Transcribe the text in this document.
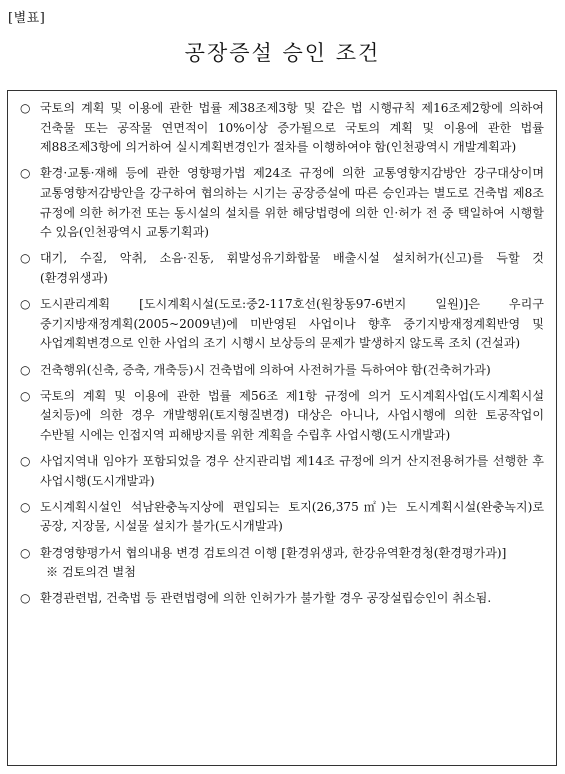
[별표]
공장증설 승인 조건
○ 국토의 계획 및 이용에 관한 법률 제38조제3항 및 같은 법 시행규칙 제16조제2항에 의하여 건축물 또는 공작물 연면적이 10%이상 증가될으로 국토의 계획 및 이용에 관한 법률 제88조제3항에 의거하여 실시계획변경인가 절차를 이행하여야 함(인천광역시 개발계획과)
○ 환경·교통·재해 등에 관한 영향평가법 제24조 규정에 의한 교통영향지감방안 강구대상이며 교통영향저감방안을 강구하여 협의하는 시기는 공장증설에 따른 승인과는 별도로 건축법 제8조 규정에 의한 허가전 또는 동시설의 설치를 위한 해당법령에 의한 인·허가 전 중 택일하여 시행할 수 있음(인천광역시 교통기획과)
○ 대기, 수질, 악취, 소음·진동, 휘발성유기화합물 배출시설 설치허가(신고)를 득할 것 (환경위생과)
○ 도시관리계획 [도시계획시설(도로:중2-117호선(원창동97-6번지 일원)]은 우리구 중기지방재정계획(2005~2009년)에 미반영된 사업이나 향후 중기지방재정계획반영 및 사업계획변경으로 인한 사업의 조기 시행시 보상등의 문제가 발생하지 않도록 조치 (건설과)
○ 건축행위(신축, 증축, 개축등)시 건축법에 의하여 사전허가를 득하여야 함(건축허가과)
○ 국토의 계획 및 이용에 관한 법률 제56조 제1항 규정에 의거 도시계획사업(도시계획시설 설치등)에 의한 경우 개발행위(토지형질변경) 대상은 아니나, 사업시행에 의한 토공작업이 수반될 시에는 인접지역 피해방지를 위한 계획을 수립후 사업시행(도시개발과)
○ 사업지역내 임야가 포함되었을 경우 산지관리법 제14조 규정에 의거 산지전용허가를 선행한 후 사업시행(도시개발과)
○ 도시계획시설인 석남완충녹지상에 편입되는 토지(26,375㎡)는 도시계획시설(완충녹지)로 공장, 지장물, 시설물 설치가 불가(도시개발과)
○ 환경영향평가서 협의내용 변경 검토의견 이행 [환경위생과, 한강유역환경청(환경평가과)]
※ 검토의견 별첨
○ 환경관련법, 건축법 등 관련법령에 의한 인허가가 불가할 경우 공장설립승인이 취소됨.
